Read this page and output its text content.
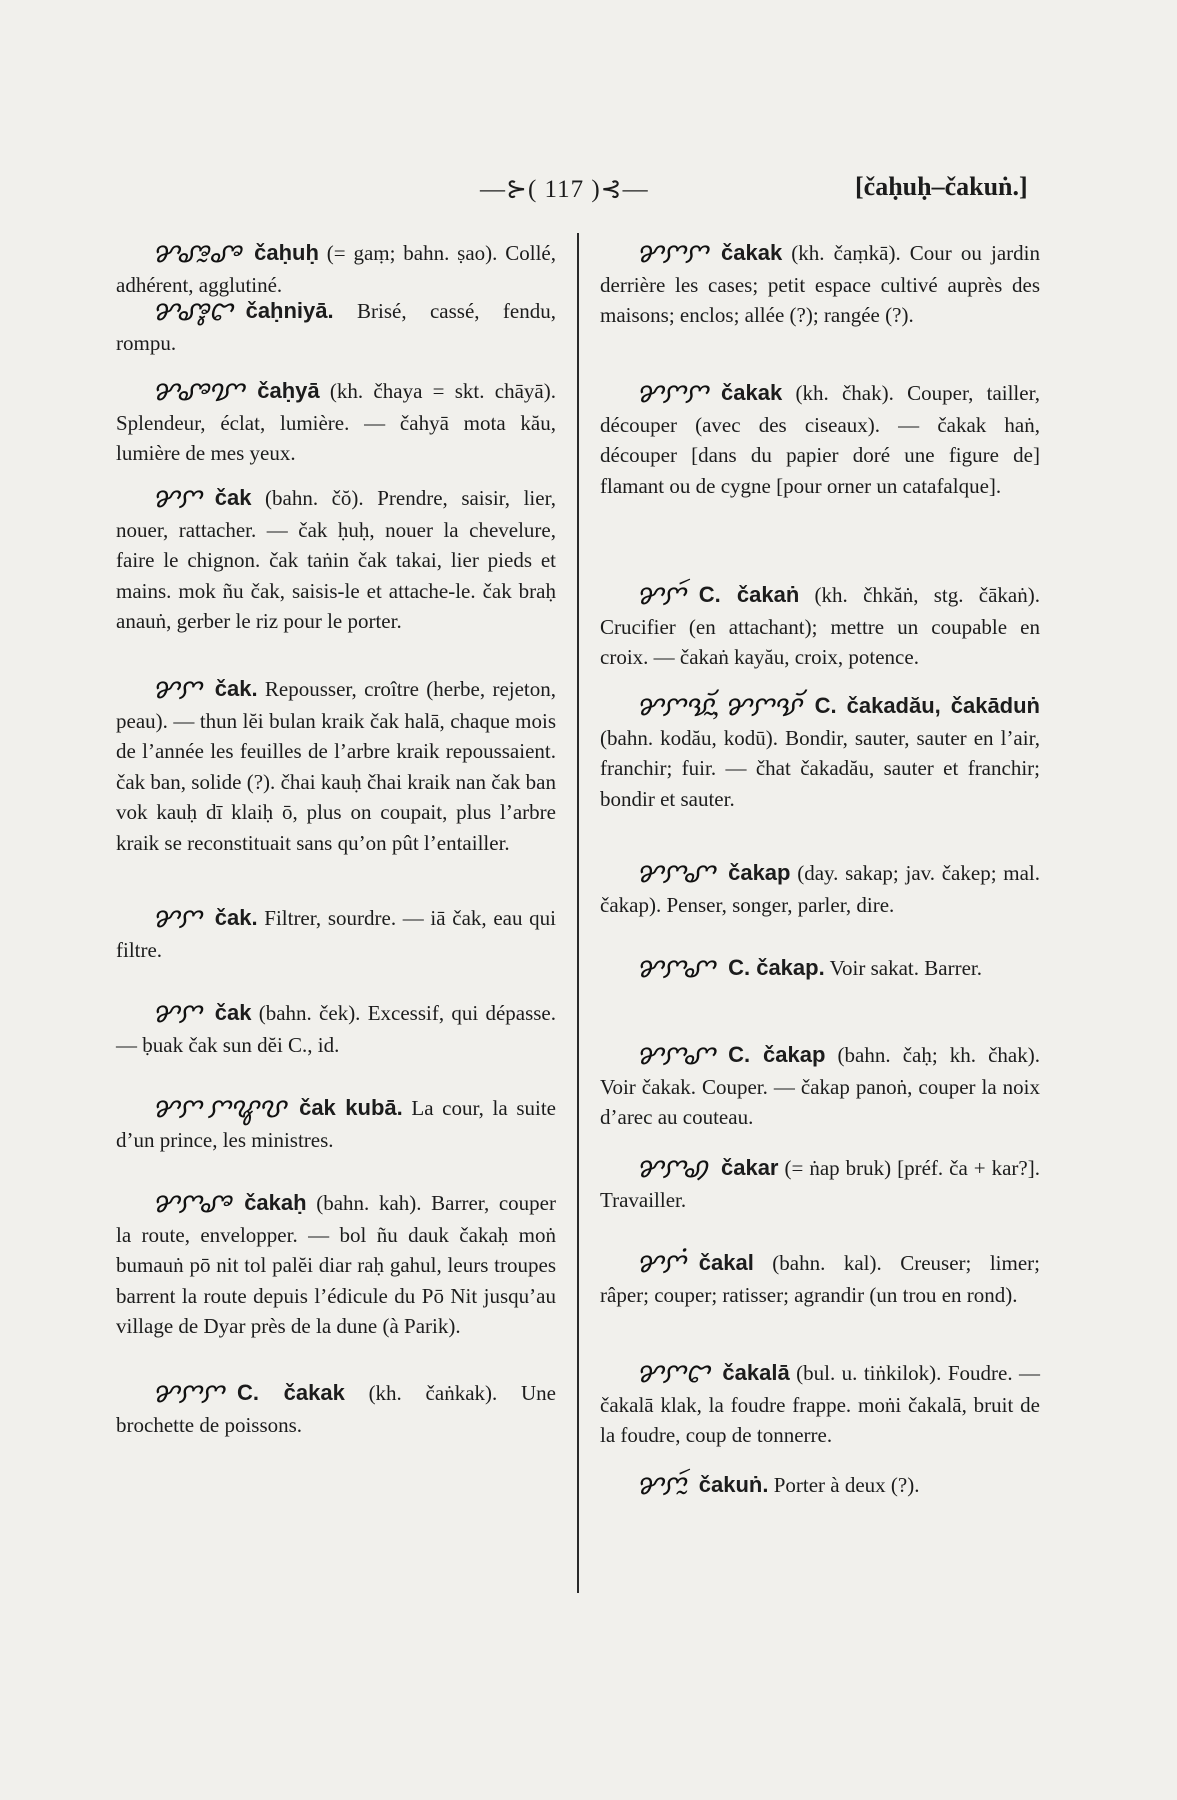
—⊱( 117 )⊰—	[čaḥuḥ–čakuṅ.]

ꨌꨨꨭꨨ čaḥuḥ (= gaṃ; bahn. ṣao). Collé, adhérent, agglutiné.

ꨌꨨꨶꨤ čaḥniyā. Brisé, cassé, fendu, rompu.

ꨌꨨꨢ čaḥyā (kh. čhaya = skt. chāyā). Splendeur, éclat, lumière. — čahyā mota kău, lumière de mes yeux.

ꨌꨆ čak (bahn. čŏ). Prendre, saisir, lier, nouer, rattacher. — čak ḥuḥ, nouer la chevelure, faire le chignon. čak taṅin čak takai, lier pieds et mains. mok ñu čak, saisis-le et attache-le. čak braḥ anauṅ, gerber le riz pour le porter.

ꨌꨆ čak. Repousser, croître (herbe, rejeton, peau). — thun lĕi bulan kraik čak halā, chaque mois de l’année les feuilles de l’arbre kraik repoussaient. čak ban, solide (?). čhai kauḥ čhai kraik nan čak ban vok kauḥ dī klaiḥ ō, plus on coupait, plus l’arbre kraik se reconstituait sans qu’on pût l’entailler.

ꨌꨆ čak. Filtrer, sourdre. — iā čak, eau qui filtre.

ꨌꨆ čak (bahn. ček). Excessif, qui dépasse. — ḅuak čak sun dĕi C., id.

ꨌꨆ ꨆꨥꨝ čak kubā. La cour, la suite d’un prince, les ministres.

ꨌꨆꨨ čakaḥ (bahn. kah). Barrer, couper la route, envelopper. — bol ñu dauk čakaḥ moṅ bumauṅ pō nit tol palĕi diar raḥ gahul, leurs troupes barrent la route depuis l’édicule du Pō Nit jusqu’au village de Dyar près de la dune (à Parik).

ꨌꨆꨆ C. čakak (kh. čaṅkak). Une brochette de poissons.

ꨌꨆꨆ čakak (kh. čaṃkā). Cour ou jardin derrière les cases; petit espace cultivé auprès des maisons; enclos; allée (?); rangée (?).

ꨌꨆꨆ čakak (kh. čhak). Couper, tailler, découper (avec des ciseaux). — čakak haṅ, découper [dans du papier doré une figure de] flamant ou de cygne [pour orner un catafalque].

ꨌꨆꩃ C. čakaṅ (kh. čhkăṅ, stg. čākaṅ). Crucifier (en attachant); mettre un coupable en croix. — čakaṅ kayău, croix, potence.

ꨌꨆꨕꨮꨭ, ꨌꨆꨕꨮ C. čakadău, čakāduṅ (bahn. kodău, kodū). Bondir, sauter, sauter en l’air, franchir; fuir. — čhat čakadău, sauter et franchir; bondir et sauter.

ꨌꨆꨚ čakap (day. sakap; jav. čakep; mal. čakap). Penser, songer, parler, dire.

ꨌꨆꨚ C. čakap. Voir sakat. Barrer.

ꨌꨆꨚ C. čakap (bahn. čaḥ; kh. čhak). Voir čakak. Couper. — čakap panoṅ, couper la noix d’arec au couteau.

ꨌꨆꩉ čakar (= ṅap bruk) [préf. ča + kar?]. Travailler.

ꨌꨆꩌ čakal (bahn. kal). Creuser; limer; râper; couper; ratisser; agrandir (un trou en rond).

ꨌꨆꨤ čakalā (bul. u. tiṅkilok). Foudre. — čakalā klak, la foudre frappe. moṅi čakalā, bruit de la foudre, coup de tonnerre.

ꨌꨆꨭꩃ čakuṅ. Porter à deux (?).
